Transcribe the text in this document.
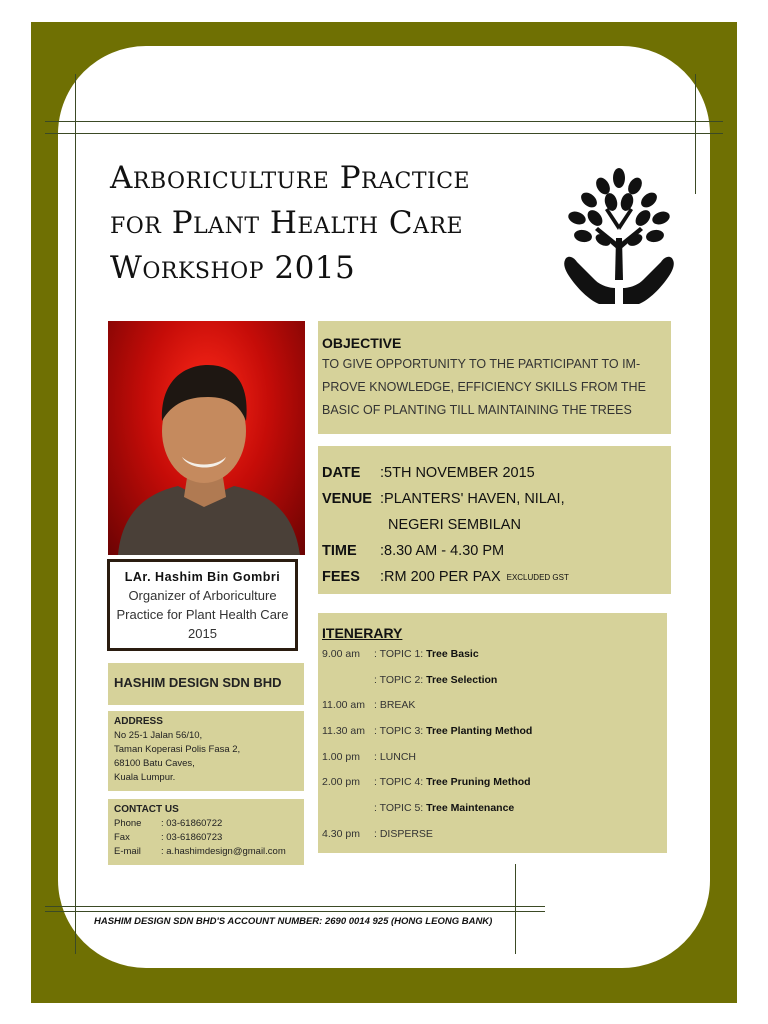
Arboriculture Practice
for Plant Health Care
Workshop 2015
LAr. Hashim Bin Gombri
Organizer of Arboriculture
Practice for Plant Health Care
2015
HASHIM DESIGN SDN BHD
ADDRESS
No 25-1 Jalan 56/10,
Taman Koperasi Polis Fasa 2,
68100 Batu Caves,
Kuala Lumpur.
CONTACT US
Phone	: 03-61860722
Fax	: 03-61860723
E-mail	: a.hashimdesign@gmail.com
OBJECTIVE
TO GIVE OPPORTUNITY TO THE PARTICIPANT TO IM-
PROVE KNOWLEDGE, EFFICIENCY SKILLS FROM THE
BASIC OF PLANTING TILL MAINTAINING THE TREES
DATE	:5TH NOVEMBER 2015
VENUE :PLANTERS' HAVEN, NILAI,
NEGERI SEMBILAN
TIME	:8.30 AM - 4.30 PM
FEES	:RM 200 PER PAX EXCLUDED GST
ITENERARY
9.00 am	: TOPIC 1:
Tree Basic
: TOPIC 2:
Tree Selection
11.00 am : BREAK

11.30 am : TOPIC 3:
Tree Planting Method
1.00 pm	: LUNCH

2.00 pm	: TOPIC 4:
Tree Pruning Method
: TOPIC 5:
Tree Maintenance
4.30 pm	: DISPERSE

HASHIM DESIGN SDN BHD'S ACCOUNT NUMBER: 2690 0014 925 (HONG LEONG BANK)
